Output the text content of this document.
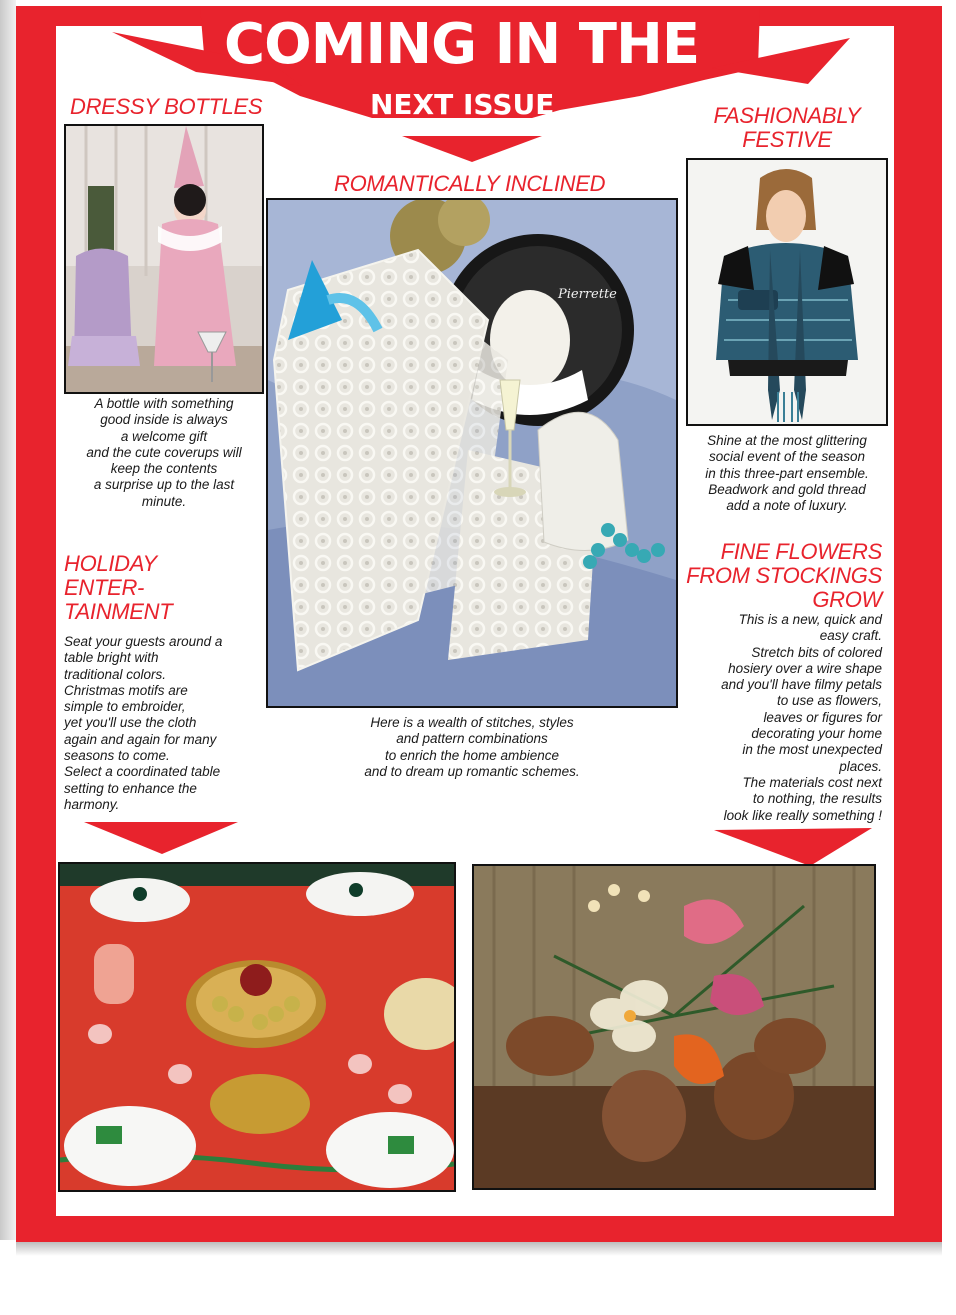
COMING IN THE
NEXT ISSUE
DRESSY BOTTLES
A bottle with something
good inside is always
a welcome gift
and the cute coverups will
keep the contents
a surprise up to the last
minute.
ROMANTICALLY INCLINED
Pierrette
Here is a wealth of stitches, styles
and pattern combinations
to enrich the home ambience
and to dream up romantic schemes.
FASHIONABLY
FESTIVE
Shine at the most glittering
social event of the season
in this three-part ensemble.
Beadwork and gold thread
add a note of luxury.
HOLIDAY
ENTER-
TAINMENT
Seat your guests around a
table bright with
traditional colors.
Christmas motifs are
simple to embroider,
yet you'll use the cloth
again and again for many
seasons to come.
Select a coordinated table
setting to enhance the
harmony.
FINE FLOWERS
FROM STOCKINGS
GROW
This is a new, quick and
easy craft.
Stretch bits of colored
hosiery over a wire shape
and you'll have filmy petals
to use as flowers,
leaves or figures for
decorating your home
in the most unexpected
places.
The materials cost next
to nothing, the results
look like really something !
